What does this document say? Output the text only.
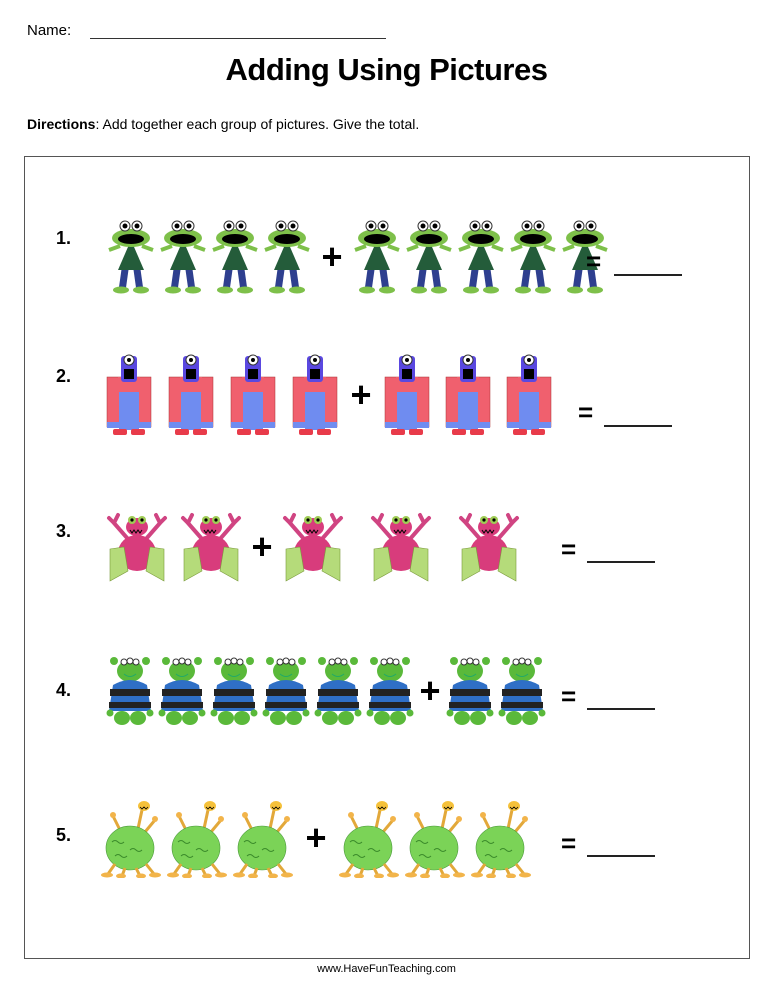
Name:
Adding Using Pictures
Directions: Add together each group of pictures. Give the total.
1.	+	=
2.	+	=
3.	+	=
4.	+	=
5.	+	=
www.HaveFunTeaching.com
